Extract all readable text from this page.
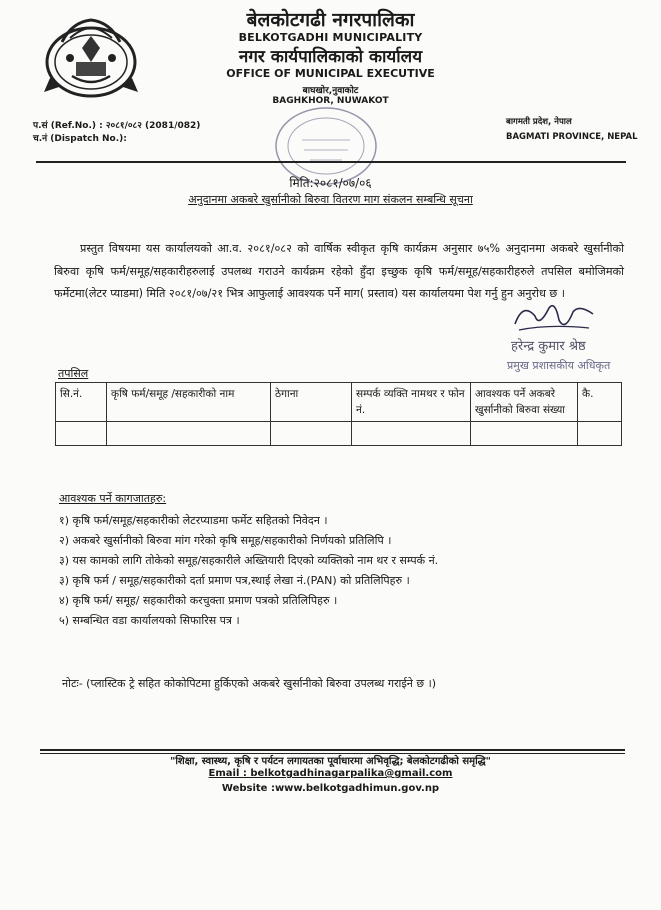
बेलकोटगढी नगरपालिका
BELKOTGADHI MUNICIPALITY
नगर कार्यपालिकाको कार्यालय
OFFICE OF MUNICIPAL EXECUTIVE
बाघखोर,नुवाकोट
BAGHKHOR, NUWAKOT
प.सं (Ref.No.) : २०८१/०८२ (2081/082)
च.नं (Dispatch No.):
बागमती प्रदेश, नेपाल
BAGMATI PROVINCE, NEPAL
मिति:२०८१/०७/०६
अनुदानमा अकबरे खुर्सानीको बिरुवा वितरण माग संकलन सम्बन्धि सूचना
प्रस्तुत विषयमा यस कार्यालयको आ.व. २०८१/०८२ को वार्षिक स्वीकृत कृषि कार्यक्रम अनुसार ७५% अनुदानमा अकबरे खुर्सानीको बिरुवा कृषि फर्म/समूह/सहकारीहरुलाई उपलब्ध गराउने कार्यक्रम रहेको हुँदा इच्छुक कृषि फर्म/समूह/सहकारीहरुले तपसिल बमोजिमको फर्मेटमा(लेटर प्याडमा) मिति २०८१/०७/२१ भित्र आफुलाई आवश्यक पर्ने माग( प्रस्ताव) यस कार्यालयमा पेश गर्नु हुन अनुरोध छ ।
हरेन्द्र कुमार श्रेष्ठ
प्रमुख प्रशासकीय अधिकृत
तपसिल
सि.नं.	कृषि फर्म/समूह /सहकारीको नाम	ठेगाना	सम्पर्क व्यक्ति नामथर र फोन नं.	आवश्यक पर्ने अकबरे खुर्सानीको बिरुवा संख्या	कै.

आवश्यक पर्ने कागजातहरु:
१) कृषि फर्म/समूह/सहकारीको लेटरप्याडमा फर्मेट सहितको निवेदन ।
२) अकबरे खुर्सानीको बिरुवा मांग गरेको कृषि समूह/सहकारीको निर्णयको प्रतिलिपि ।
३) यस कामको लागि तोकेको समूह/सहकारीले अख्तियारी दिएको व्यक्तिको नाम थर र सम्पर्क नं.
३) कृषि फर्म / समूह/सहकारीको दर्ता प्रमाण पत्र,स्थाई लेखा नं.(PAN) को प्रतिलिपिहरु ।
४) कृषि फर्म/ समूह/ सहकारीको करचुक्ता प्रमाण पत्रको प्रतिलिपिहरु ।
५) सम्बन्धित वडा कार्यालयको सिफारिस पत्र ।
नोटः- (प्लास्टिक ट्रे सहित कोकोपिटमा हुर्किएको अकबरे खुर्सानीको बिरुवा उपलब्ध गराईने छ ।)
"शिक्षा, स्वास्थ्य, कृषि र पर्यटन लगायतका पूर्वाधारमा अभिवृद्धि; बेलकोटगढीको समृद्धि"
Email : belkotgadhinagarpalika@gmail.com
Website :www.belkotgadhimun.gov.np
